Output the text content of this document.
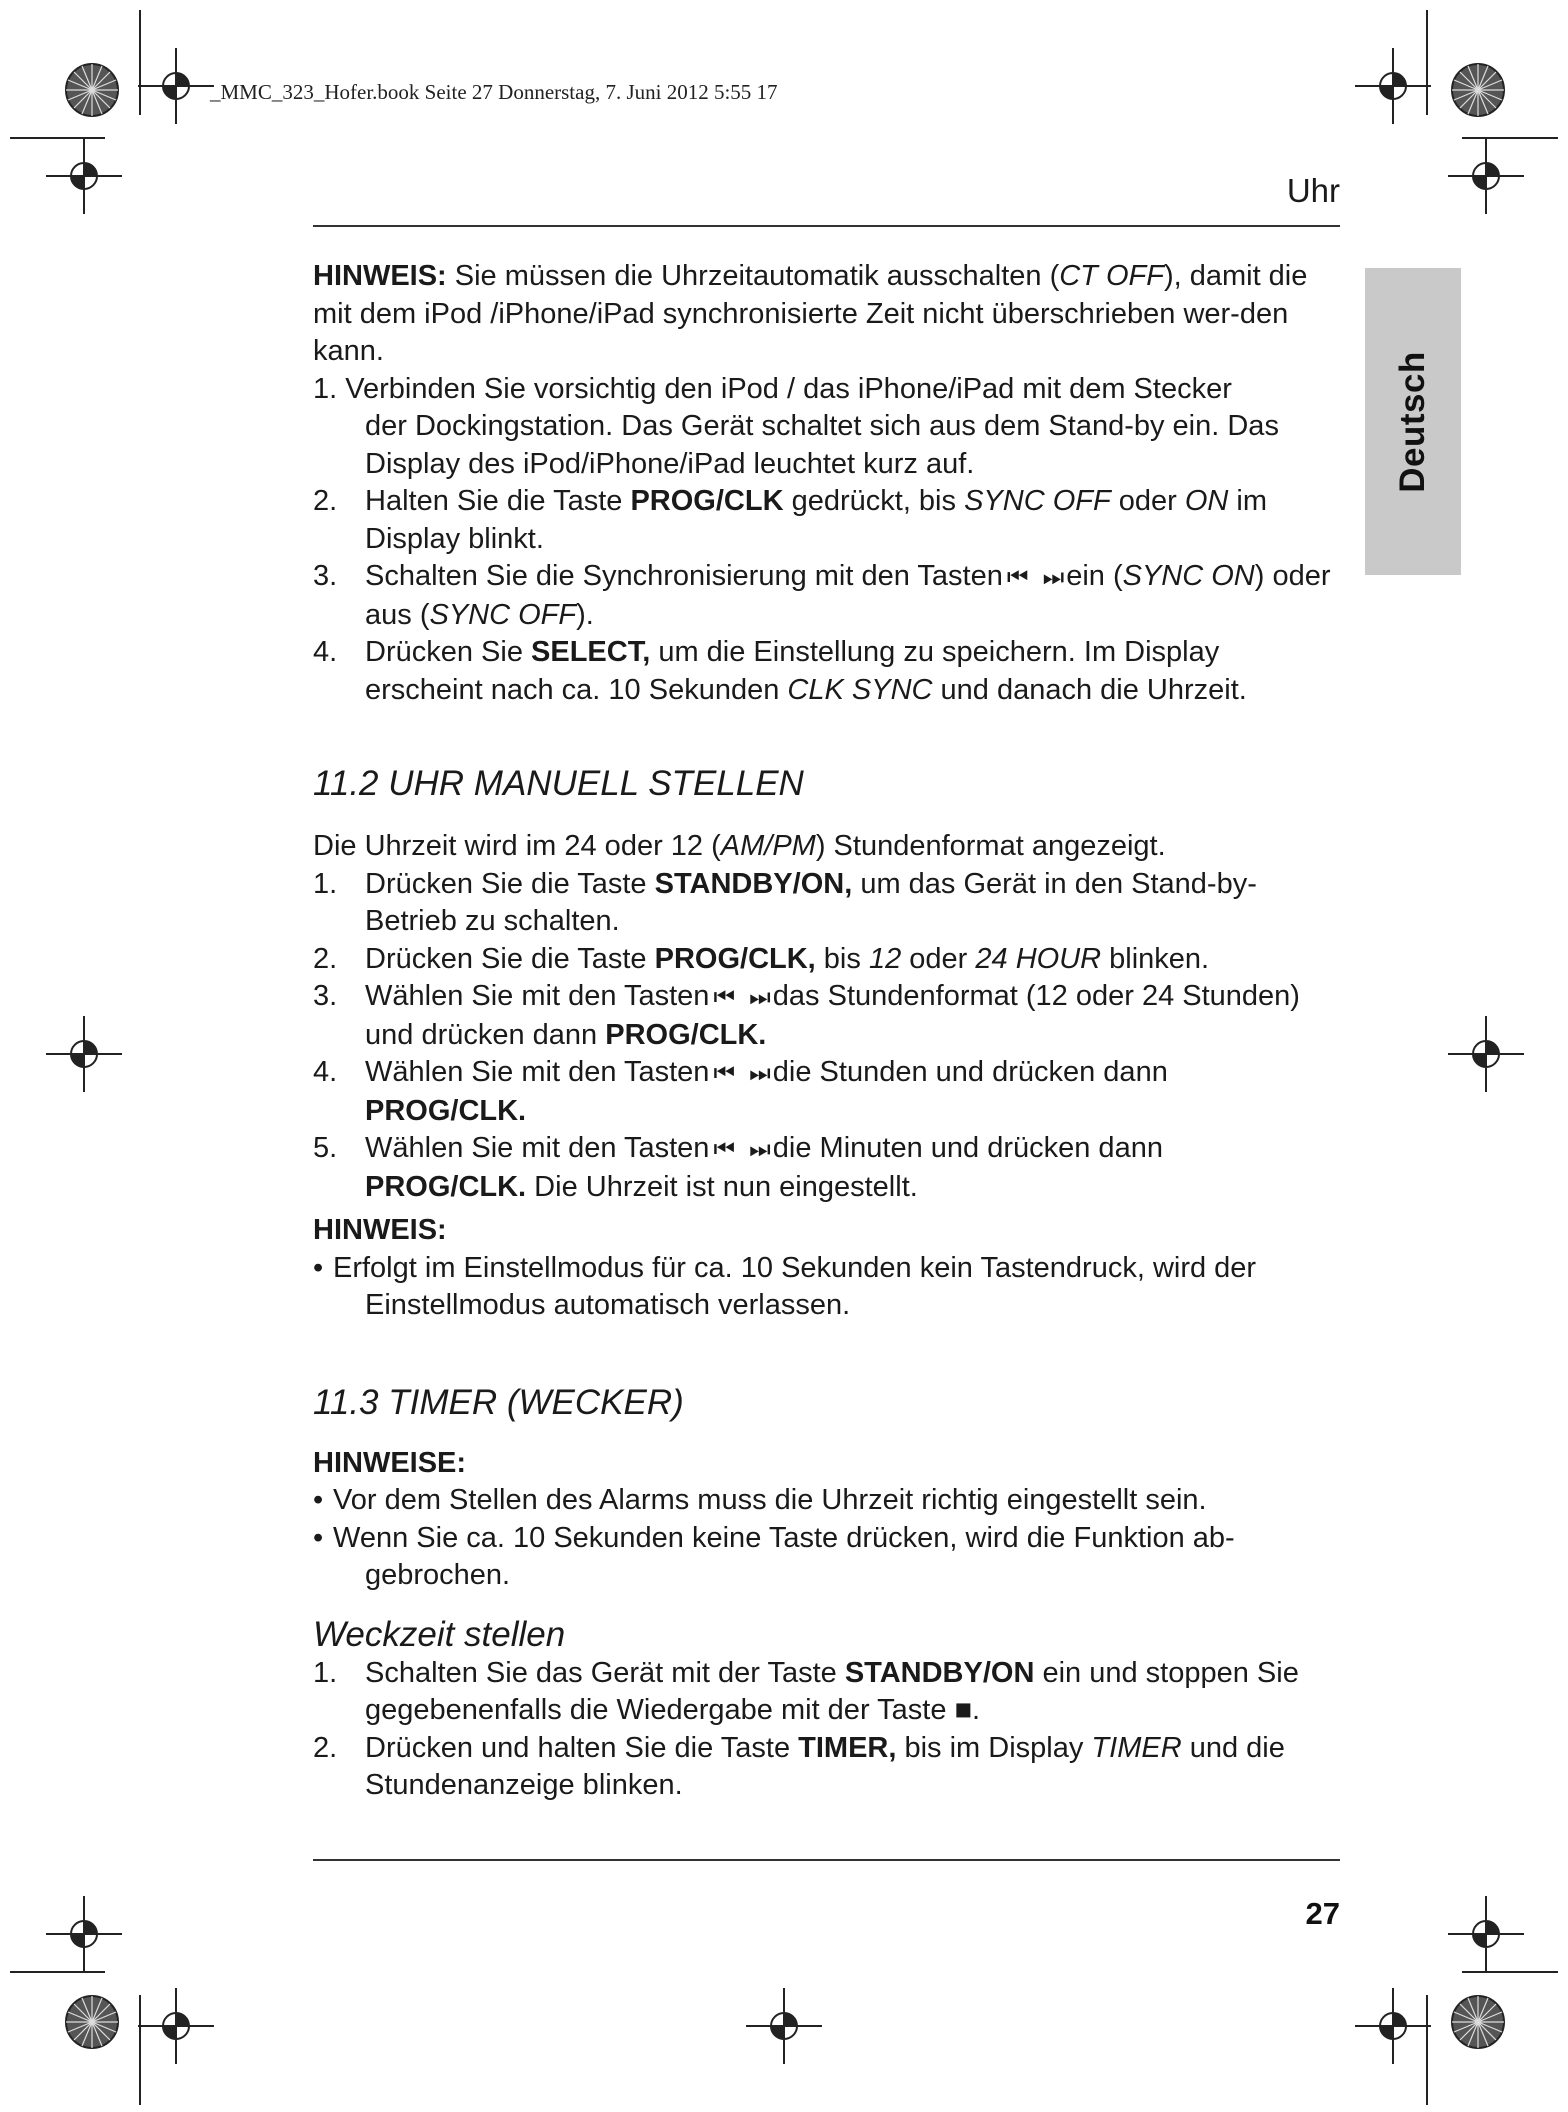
_MMC_323_Hofer.book Seite 27 Donnerstag, 7. Juni 2012 5:55 17
Uhr
Deutsch

HINWEIS: Sie müssen die Uhrzeitautomatik ausschalten (CT OFF), damit die mit dem iPod /iPhone/iPad synchronisierte Zeit nicht überschrieben wer-den kann.

1. Verbinden Sie vorsichtig den iPod / das iPhone/iPad mit dem Stecker
der Dockingstation. Das Gerät schaltet sich aus dem Stand-by ein. Das Display des iPod/iPhone/iPad leuchtet kurz auf.
2. Halten Sie die Taste PROG/CLK gedrückt, bis SYNC OFF oder ON im Display blinkt.
3. Schalten Sie die Synchronisierung mit den Tasten ⏮ ⏭ ein (SYNC ON) oder aus (SYNC OFF).
4. Drücken Sie SELECT, um die Einstellung zu speichern. Im Display erscheint nach ca. 10 Sekunden CLK SYNC und danach die Uhrzeit.
11.2 UHR MANUELL STELLEN

Die Uhrzeit wird im 24 oder 12 (AM/PM) Stundenformat angezeigt.

1. Drücken Sie die Taste STANDBY/ON, um das Gerät in den Stand-by-Betrieb zu schalten.
2. Drücken Sie die Taste PROG/CLK, bis 12 oder 24 HOUR blinken.
3. Wählen Sie mit den Tasten ⏮ ⏭ das Stundenformat (12 oder 24 Stunden) und drücken dann PROG/CLK.
4. Wählen Sie mit den Tasten ⏮ ⏭ die Stunden und drücken dann
PROG/CLK.
5. Wählen Sie mit den Tasten ⏮ ⏭ die Minuten und drücken dann
PROG/CLK. Die Uhrzeit ist nun eingestellt.
HINWEIS:
• Erfolgt im Einstellmodus für ca. 10 Sekunden kein Tastendruck, wird der
Einstellmodus automatisch verlassen.
11.3 TIMER (WECKER)
HINWEISE:
• Vor dem Stellen des Alarms muss die Uhrzeit richtig eingestellt sein.
• Wenn Sie ca. 10 Sekunden keine Taste drücken, wird die Funktion ab-
gebrochen.
Weckzeit stellen
1. Schalten Sie das Gerät mit der Taste STANDBY/ON ein und stoppen Sie gegebenenfalls die Wiedergabe mit der Taste ■.
2. Drücken und halten Sie die Taste TIMER, bis im Display TIMER und die Stundenanzeige blinken.
27
